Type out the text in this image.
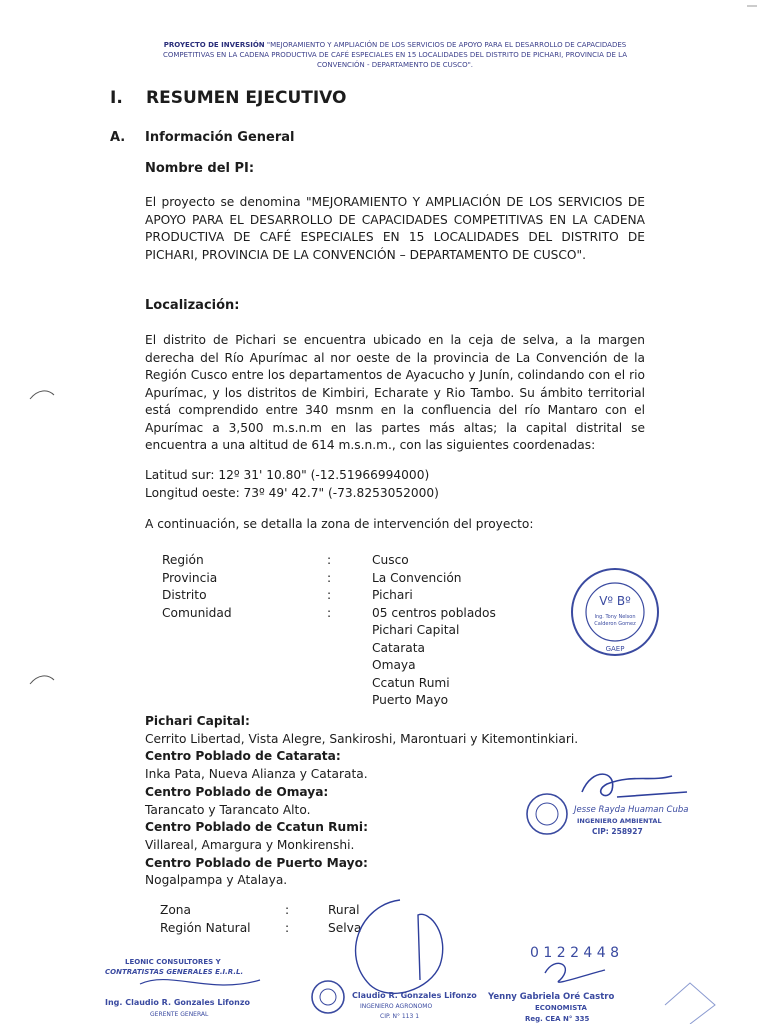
PROYECTO DE INVERSIÓN "MEJORAMIENTO Y AMPLIACIÓN DE LOS SERVICIOS DE APOYO PARA EL DESARROLLO DE CAPACIDADES COMPETITIVAS EN LA CADENA PRODUCTIVA DE CAFÉ ESPECIALES EN 15 LOCALIDADES DEL DISTRITO DE PICHARI, PROVINCIA DE LA CONVENCIÓN - DEPARTAMENTO DE CUSCO".
I. RESUMEN EJECUTIVO
A. Información General
Nombre del PI:
El proyecto se denomina "MEJORAMIENTO Y AMPLIACIÓN DE LOS SERVICIOS DE APOYO PARA EL DESARROLLO DE CAPACIDADES COMPETITIVAS EN LA CADENA PRODUCTIVA DE CAFÉ ESPECIALES EN 15 LOCALIDADES DEL DISTRITO DE PICHARI, PROVINCIA DE LA CONVENCIÓN – DEPARTAMENTO DE CUSCO".
Localización:
El distrito de Pichari se encuentra ubicado en la ceja de selva, a la margen derecha del Río Apurímac al nor oeste de la provincia de La Convención de la Región Cusco entre los departamentos de Ayacucho y Junín, colindando con el rio Apurímac, y los distritos de Kimbiri, Echarate y Rio Tambo. Su ámbito territorial está comprendido entre 340 msnm en la confluencia del río Mantaro con el Apurímac a 3,500 m.s.n.m en las partes más altas; la capital distrital se encuentra a una altitud de 614 m.s.n.m., con las siguientes coordenadas:
Latitud sur: 12º 31' 10.80" (-12.51966994000)
Longitud oeste: 73º 49' 42.7" (-73.8253052000)
A continuación, se detalla la zona de intervención del proyecto:
Región	:	Cusco
Provincia	:	La Convención
Distrito	:	Pichari
Comunidad	:	05 centros poblados
Pichari Capital
Catarata
Omaya
Ccatun Rumi
Puerto Mayo
Pichari Capital:
Cerrito Libertad, Vista Alegre, Sankiroshi, Marontuari y Kitemontinkiari.
Centro Poblado de Catarata:
Inka Pata, Nueva Alianza y Catarata.
Centro Poblado de Omaya:
Tarancato y Tarancato Alto.
Centro Poblado de Ccatun Rumi:
Villareal, Amargura y Monkirenshi.
Centro Poblado de Puerto Mayo:
Nogalpampa y Atalaya.
Zona	:	Rural
Región Natural	:	Selva
Vº Bº
Ing. Tony Nelson
Calderon Gomez
GAEP
Jesse Rayda Huaman Cuba
INGENIERO AMBIENTAL
CIP: 258927
LEONIC CONSULTORES Y
CONTRATISTAS GENERALES E.I.R.L.
Ing. Claudio R. Gonzales Lifonzo
GERENTE GENERAL
Claudio R. Gonzales Lifonzo
INGENIERO AGRONOMO
CIP. N° 113 1
0 1 2 2 4 4 8
Yenny Gabriela Oré Castro
ECONOMISTA
Reg. CEA N° 335
